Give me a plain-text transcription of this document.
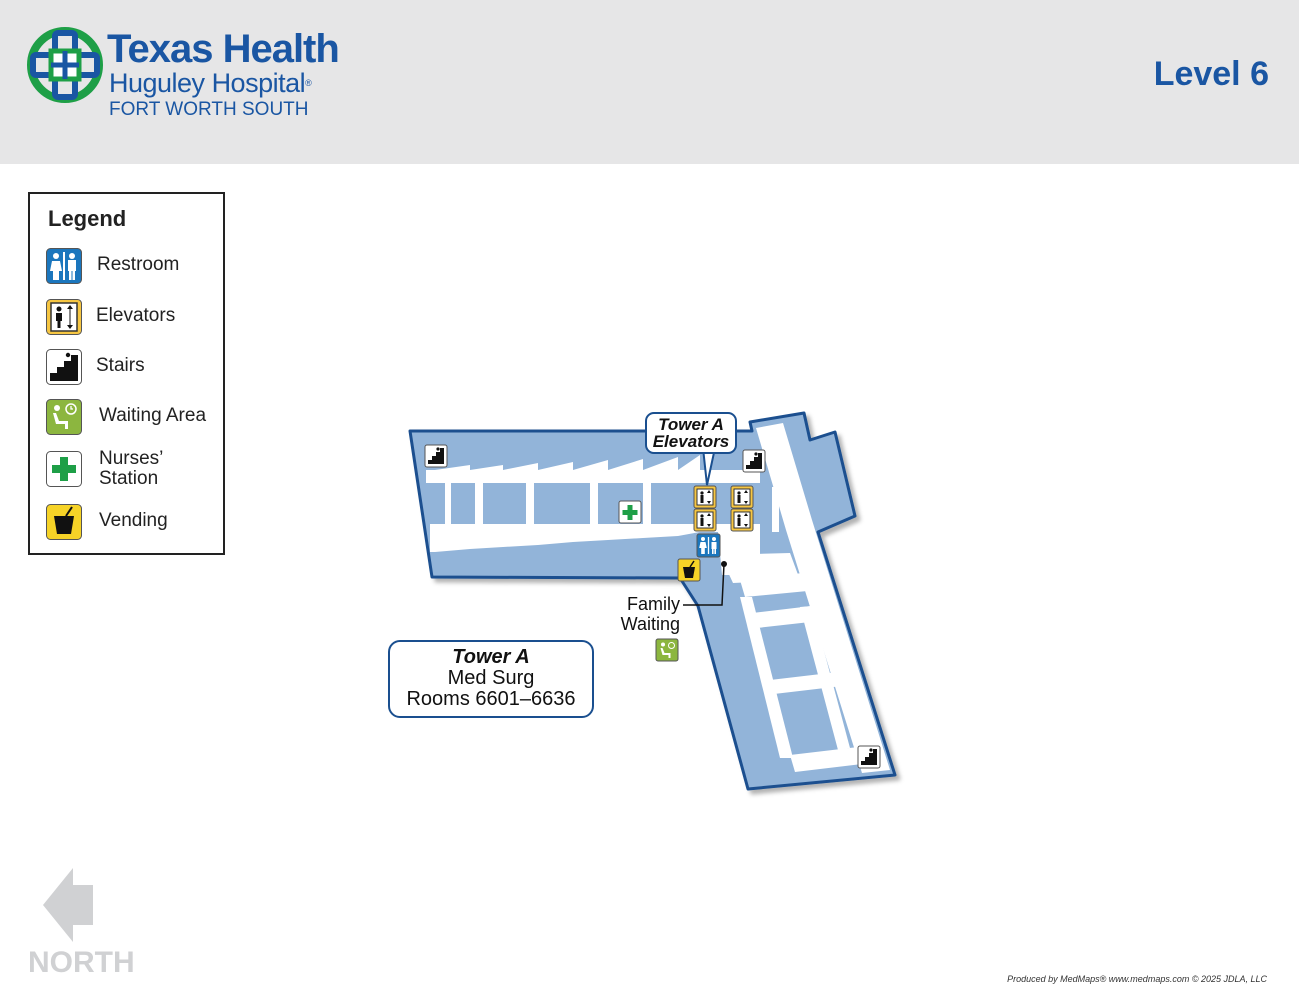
Texas Health
Huguley Hospital®
FORT WORTH SOUTH
Level 6
Legend
Restroom
Elevators
Stairs
Waiting Area
Nurses’
Station
Vending
Tower A
Elevators
Tower A
Med Surg
Rooms 6601–6636
Family
Waiting
NORTH	Produced by MedMaps® www.medmaps.com © 2025 JDLA, LLC
